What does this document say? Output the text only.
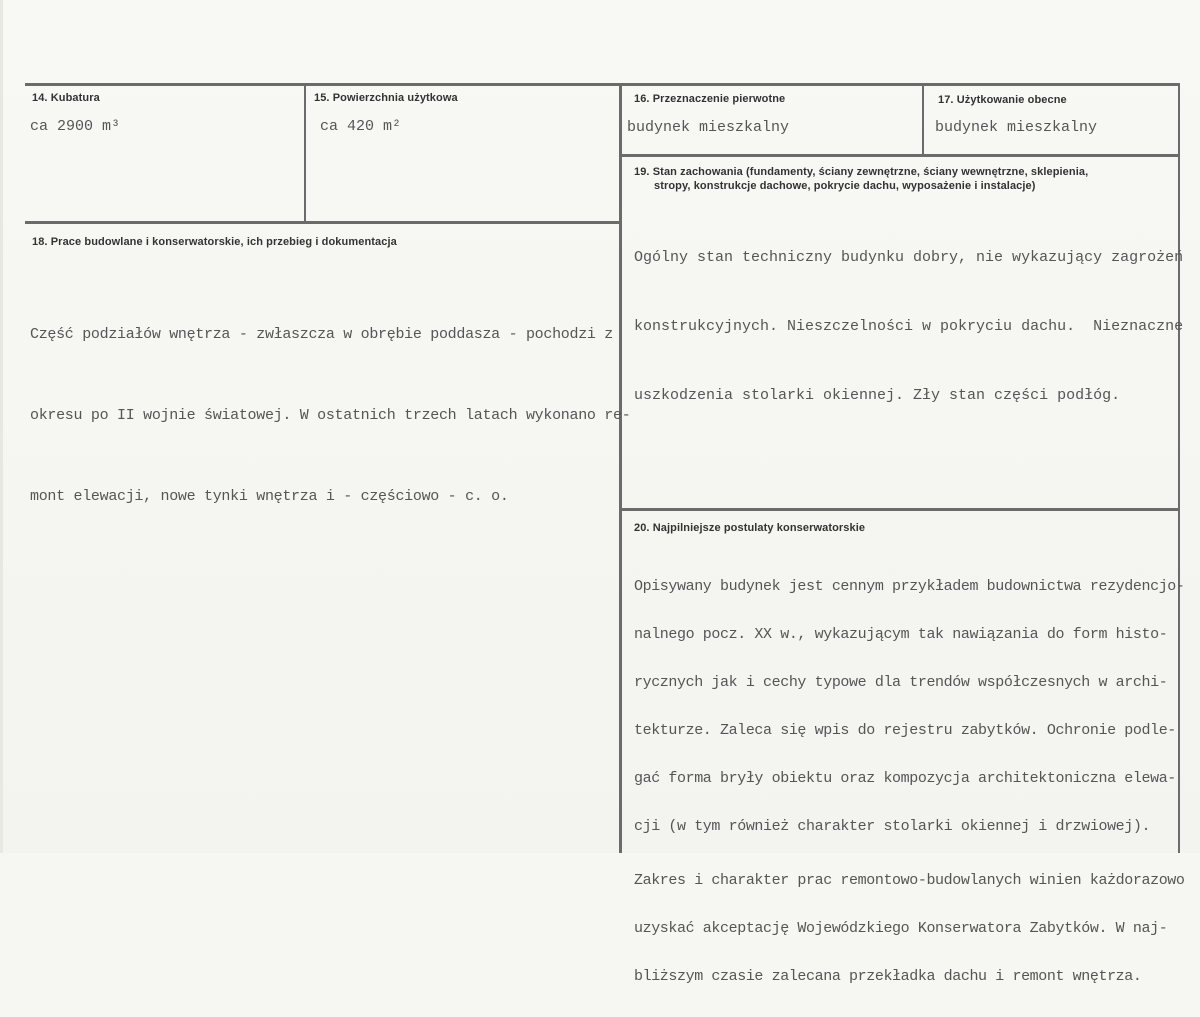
14. Kubatura
ca 2900 m³
15. Powierzchnia użytkowa
ca 420 m²
16. Przeznaczenie pierwotne
budynek mieszkalny
17. Użytkowanie obecne
budynek mieszkalny
19. Stan zachowania (fundamenty, ściany zewnętrzne, ściany wewnętrzne, sklepienia,
stropy, konstrukcje dachowe, pokrycie dachu, wyposażenie i instalacje)

Ogólny stan techniczny budynku dobry, nie wykazujący zagrożeń

konstrukcyjnych. Nieszczelności w pokryciu dachu.  Nieznaczne

uszkodzenia stolarki okiennej. Zły stan części podłóg.

18. Prace budowlane i konserwatorskie, ich przebieg i dokumentacja

Część podziałów wnętrza - zwłaszcza w obrębie poddasza - pochodzi z

okresu po II wojnie światowej. W ostatnich trzech latach wykonano re-

mont elewacji, nowe tynki wnętrza i - częściowo - c. o.

20. Najpilniejsze postulaty konserwatorskie

Opisywany budynek jest cennym przykładem budownictwa rezydencjo-

nalnego pocz. XX w., wykazującym tak nawiązania do form histo-

rycznych jak i cechy typowe dla trendów współczesnych w archi-

tekturze. Zaleca się wpis do rejestru zabytków. Ochronie podle-

gać forma bryły obiektu oraz kompozycja architektoniczna elewa-

cji (w tym również charakter stolarki okiennej i drzwiowej).

Zakres i charakter prac remontowo-budowlanych winien każdorazowo

uzyskać akceptację Wojewódzkiego Konserwatora Zabytków. W naj-

bliższym czasie zalecana przekładka dachu i remont wnętrza.
